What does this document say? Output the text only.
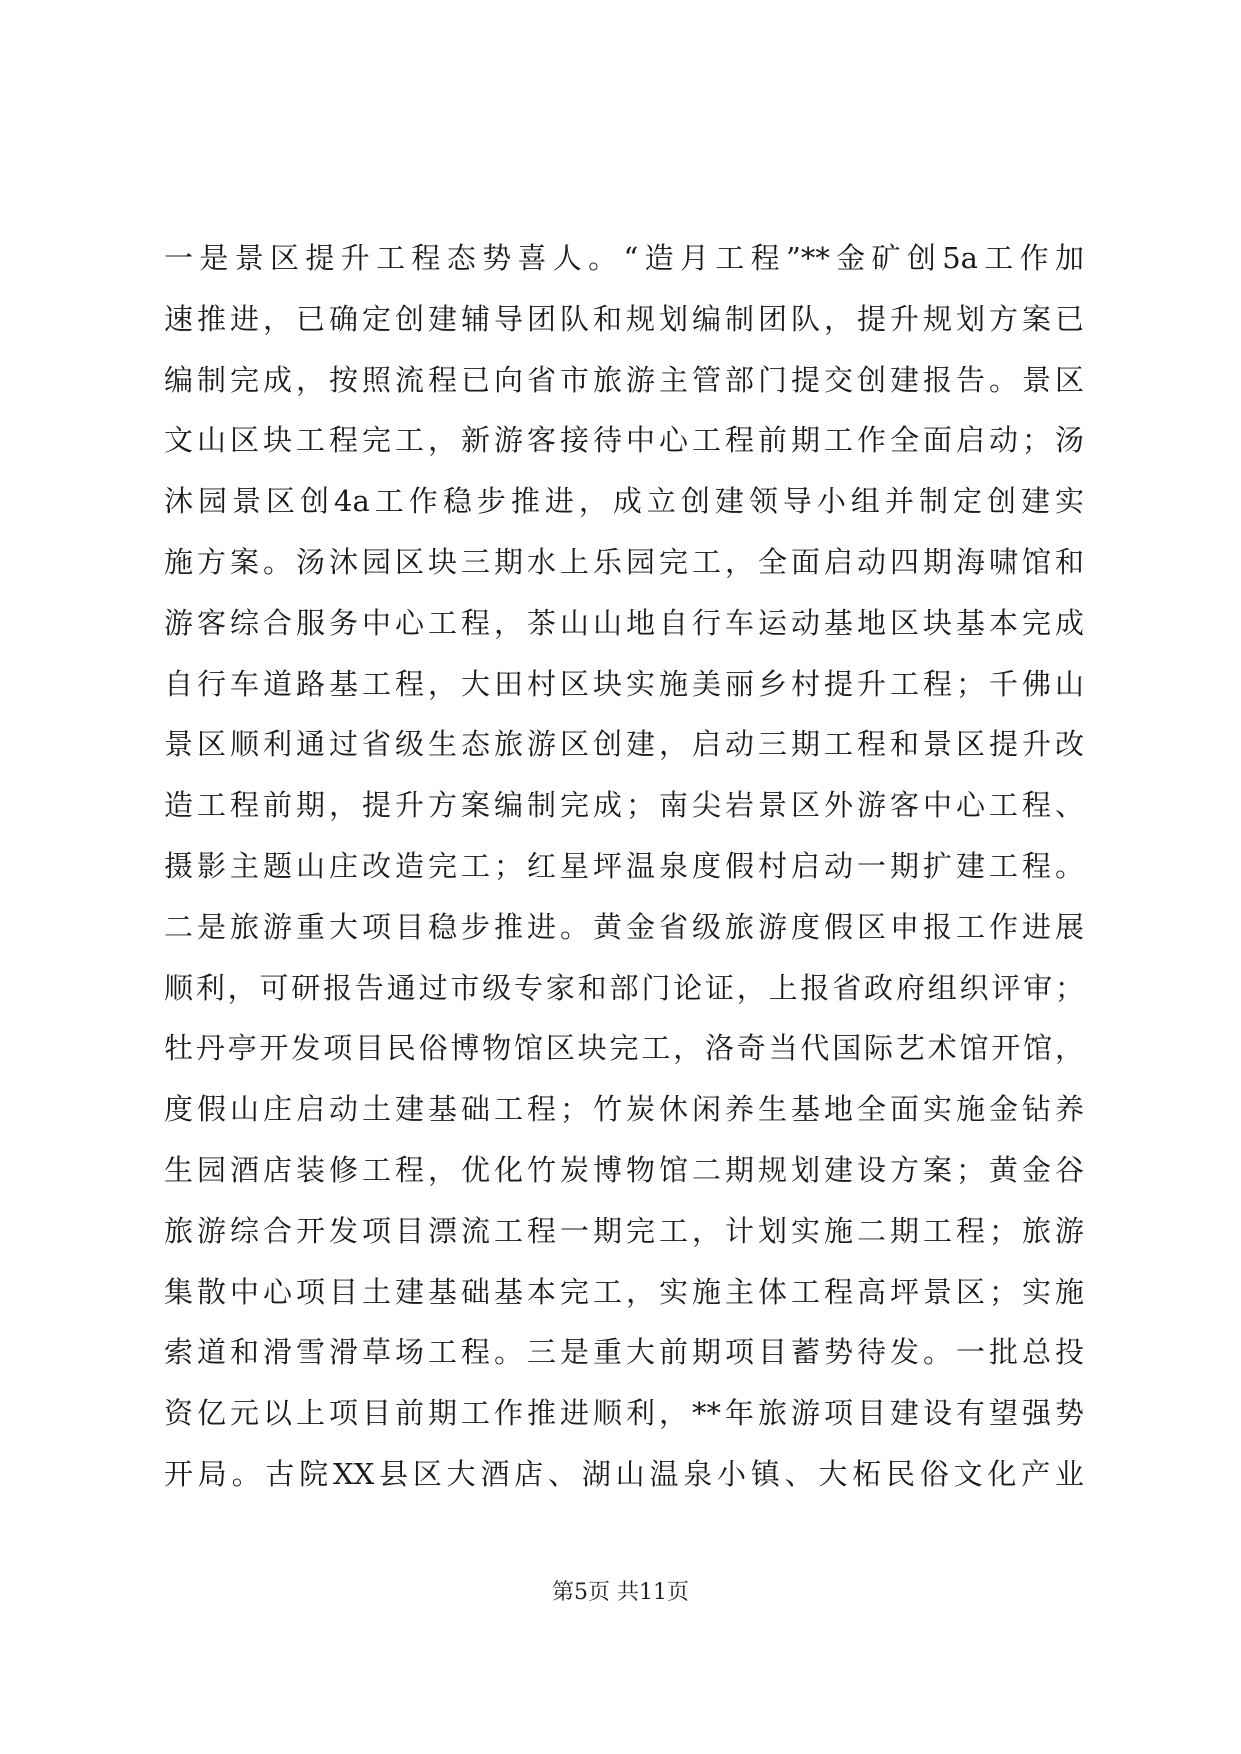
一是景区提升工程态势喜人。“造月工程”**金矿创5a工作加
速推进，已确定创建辅导团队和规划编制团队，提升规划方案已
编制完成，按照流程已向省市旅游主管部门提交创建报告。景区
文山区块工程完工，新游客接待中心工程前期工作全面启动；汤
沐园景区创4a工作稳步推进，成立创建领导小组并制定创建实
施方案。汤沐园区块三期水上乐园完工，全面启动四期海啸馆和
游客综合服务中心工程，茶山山地自行车运动基地区块基本完成
自行车道路基工程，大田村区块实施美丽乡村提升工程；千佛山
景区顺利通过省级生态旅游区创建，启动三期工程和景区提升改
造工程前期，提升方案编制完成；南尖岩景区外游客中心工程、
摄影主题山庄改造完工；红星坪温泉度假村启动一期扩建工程。
二是旅游重大项目稳步推进。黄金省级旅游度假区申报工作进展
顺利，可研报告通过市级专家和部门论证，上报省政府组织评审；
牡丹亭开发项目民俗博物馆区块完工，洛奇当代国际艺术馆开馆，
度假山庄启动土建基础工程；竹炭休闲养生基地全面实施金钻养
生园酒店装修工程，优化竹炭博物馆二期规划建设方案；黄金谷
旅游综合开发项目漂流工程一期完工，计划实施二期工程；旅游
集散中心项目土建基础基本完工，实施主体工程高坪景区；实施
索道和滑雪滑草场工程。三是重大前期项目蓄势待发。一批总投
资亿元以上项目前期工作推进顺利，**年旅游项目建设有望强势
开局。古院XX县区大酒店、湖山温泉小镇、大柘民俗文化产业
第5页 共11页
